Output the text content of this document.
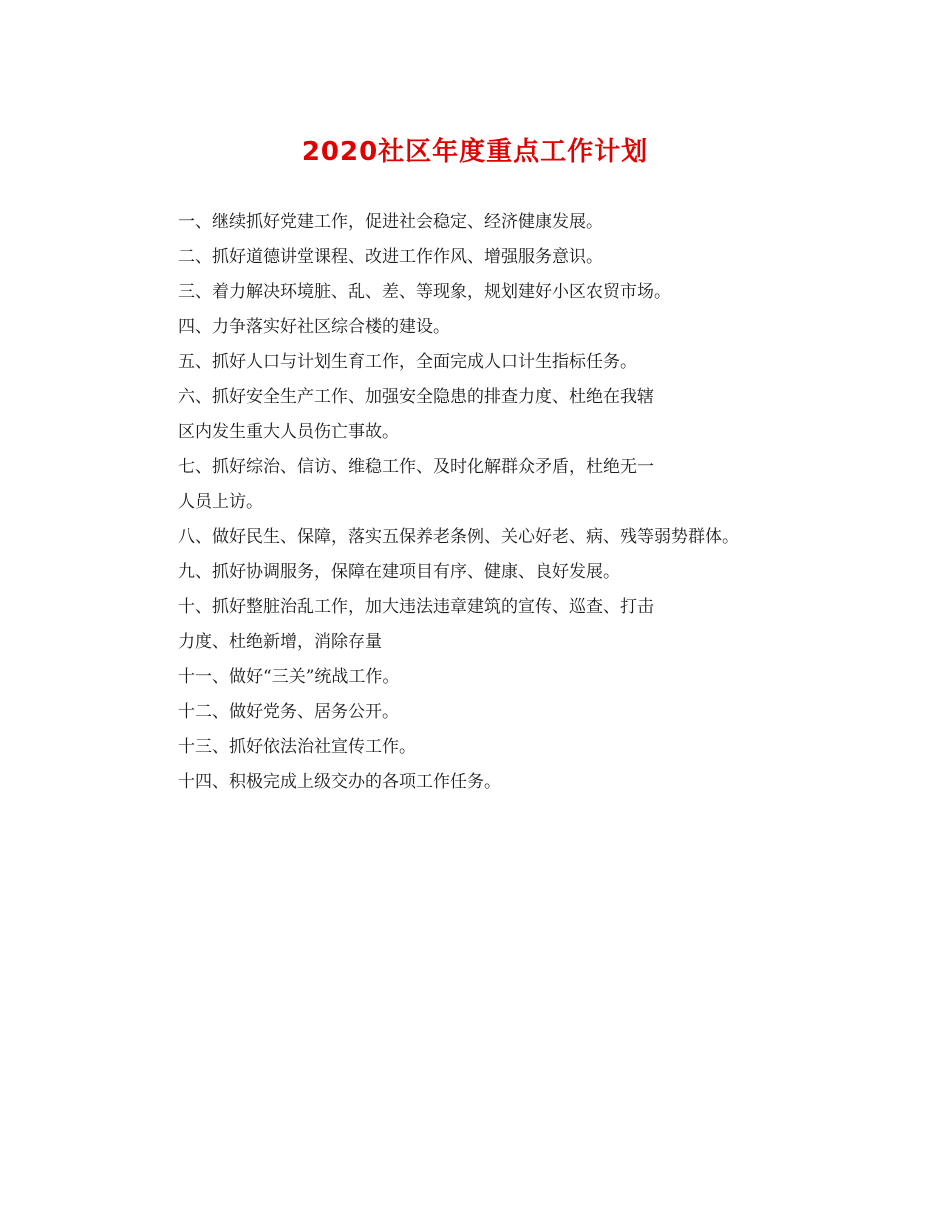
2020社区年度重点工作计划
一、继续抓好党建工作，促进社会稳定、经济健康发展。
二、抓好道德讲堂课程、改进工作作风、增强服务意识。
三、着力解决环境脏、乱、差、等现象，规划建好小区农贸市场。
四、力争落实好社区综合楼的建设。
五、抓好人口与计划生育工作，全面完成人口计生指标任务。
六、抓好安全生产工作、加强安全隐患的排查力度、杜绝在我辖
区内发生重大人员伤亡事故。
七、抓好综治、信访、维稳工作、及时化解群众矛盾，杜绝无一
人员上访。
八、做好民生、保障，落实五保养老条例、关心好老、病、残等弱势群体。
九、抓好协调服务，保障在建项目有序、健康、良好发展。
十、抓好整脏治乱工作，加大违法违章建筑的宣传、巡查、打击
力度、杜绝新增，消除存量
十一、做好“三关”统战工作。
十二、做好党务、居务公开。
十三、抓好依法治社宣传工作。
十四、积极完成上级交办的各项工作任务。
